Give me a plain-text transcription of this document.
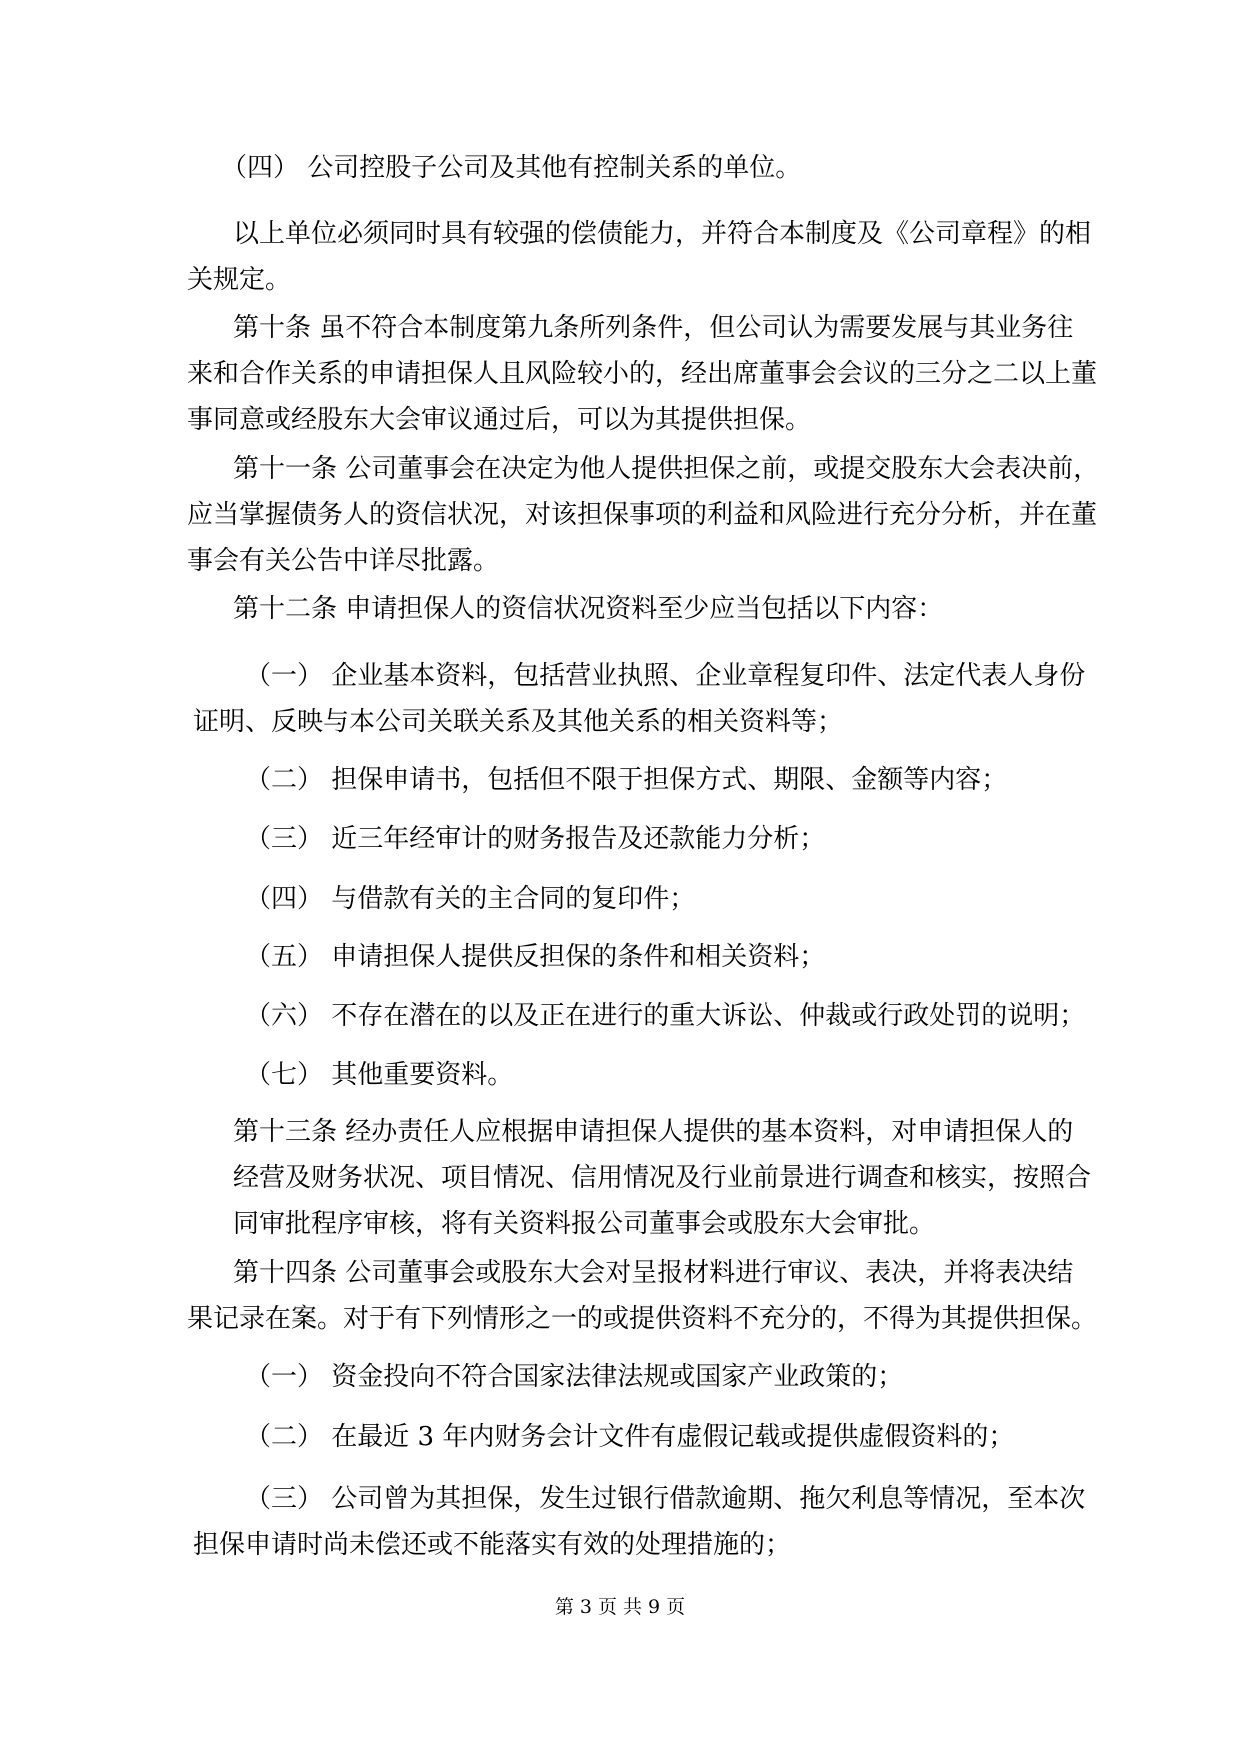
（四） 公司控股子公司及其他有控制关系的单位。

以上单位必须同时具有较强的偿债能力，并符合本制度及《公司章程》的相
关规定。

第十条 虽不符合本制度第九条所列条件，但公司认为需要发展与其业务往
来和合作关系的申请担保人且风险较小的，经出席董事会会议的三分之二以上董
事同意或经股东大会审议通过后，可以为其提供担保。

第十一条 公司董事会在决定为他人提供担保之前，或提交股东大会表决前，
应当掌握债务人的资信状况，对该担保事项的利益和风险进行充分分析，并在董
事会有关公告中详尽批露。

第十二条 申请担保人的资信状况资料至少应当包括以下内容：

（一） 企业基本资料，包括营业执照、企业章程复印件、法定代表人身份
证明、反映与本公司关联关系及其他关系的相关资料等；

（二） 担保申请书，包括但不限于担保方式、期限、金额等内容；

（三） 近三年经审计的财务报告及还款能力分析；

（四） 与借款有关的主合同的复印件；

（五） 申请担保人提供反担保的条件和相关资料；

（六） 不存在潜在的以及正在进行的重大诉讼、仲裁或行政处罚的说明；

（七） 其他重要资料。

第十三条 经办责任人应根据申请担保人提供的基本资料，对申请担保人的
经营及财务状况、项目情况、信用情况及行业前景进行调查和核实，按照合
同审批程序审核，将有关资料报公司董事会或股东大会审批。

第十四条 公司董事会或股东大会对呈报材料进行审议、表决，并将表决结
果记录在案。对于有下列情形之一的或提供资料不充分的，不得为其提供担保。

（一） 资金投向不符合国家法律法规或国家产业政策的；

（二） 在最近 3 年内财务会计文件有虚假记载或提供虚假资料的；

（三） 公司曾为其担保，发生过银行借款逾期、拖欠利息等情况，至本次
担保申请时尚未偿还或不能落实有效的处理措施的；

第 3 页 共 9 页
